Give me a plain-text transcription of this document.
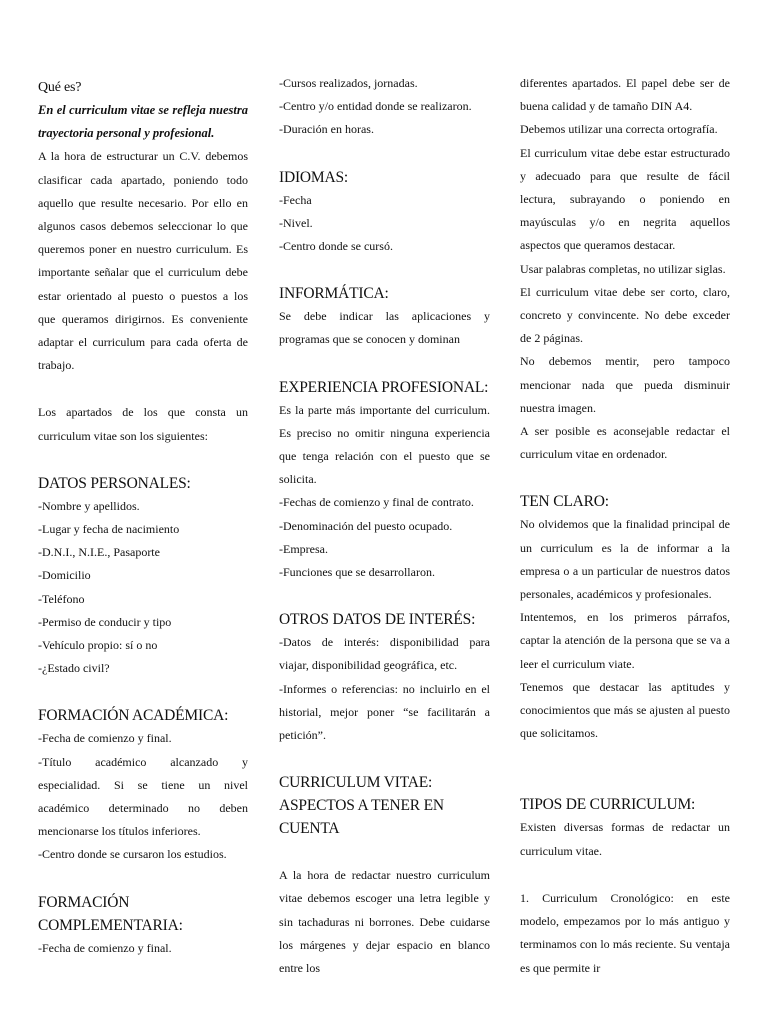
Qué es?
En el curriculum vitae se refleja nuestra trayectoria personal y profesional.

A la hora de estructurar un C.V. debemos clasificar cada apartado, poniendo todo aquello que resulte necesario. Por ello en algunos casos debemos seleccionar lo que queremos poner en nuestro curriculum. Es importante señalar que el curriculum debe estar orientado al puesto o puestos a los que queramos dirigirnos. Es conveniente adaptar el curriculum para cada oferta de trabajo.

Los apartados de los que consta un curriculum vitae son los siguientes:

DATOS PERSONALES:
-Nombre y apellidos.
-Lugar y fecha de nacimiento
-D.N.I., N.I.E., Pasaporte
-Domicilio
-Teléfono
-Permiso de conducir y tipo
-Vehículo propio: sí o no
-¿Estado civil?
FORMACIÓN ACADÉMICA:
-Fecha de comienzo y final.
-Título académico alcanzado y especialidad. Si se tiene un nivel académico determinado no deben mencionarse los títulos inferiores.
-Centro donde se cursaron los estudios.
FORMACIÓN COMPLEMENTARIA:
-Fecha de comienzo y final.
-Cursos realizados, jornadas.
-Centro y/o entidad donde se realizaron.
-Duración en horas.
IDIOMAS:
-Fecha
-Nivel.
-Centro donde se cursó.
INFORMÁTICA:

Se debe indicar las aplicaciones y programas que se conocen y dominan

EXPERIENCIA PROFESIONAL:

Es la parte más importante del curriculum. Es preciso no omitir ninguna experiencia que tenga relación con el puesto que se solicita.

-Fechas de comienzo y final de contrato.
-Denominación del puesto ocupado.
-Empresa.
-Funciones que se desarrollaron.
OTROS DATOS DE INTERÉS:
-Datos de interés: disponibilidad para viajar, disponibilidad geográfica, etc.
-Informes o referencias: no incluirlo en el historial, mejor poner “se facilitarán a petición”.
CURRICULUM VITAE: ASPECTOS A TENER EN CUENTA

A la hora de redactar nuestro curriculum vitae debemos escoger una letra legible y sin tachaduras ni borrones. Debe cuidarse los márgenes y dejar espacio en blanco entre los

diferentes apartados. El papel debe ser de buena calidad y de tamaño DIN A4.

Debemos utilizar una correcta ortografía.
El curriculum vitae debe estar estructurado y adecuado para que resulte de fácil lectura, subrayando o poniendo en mayúsculas y/o en negrita aquellos aspectos que queramos destacar.
Usar palabras completas, no utilizar siglas.
El curriculum vitae debe ser corto, claro, concreto y convincente. No debe exceder de 2 páginas.
No debemos mentir, pero tampoco mencionar nada que pueda disminuir nuestra imagen.
A ser posible es aconsejable redactar el curriculum vitae en ordenador.
TEN CLARO:
No olvidemos que la finalidad principal de un curriculum es la de informar a la empresa o a un particular de nuestros datos personales, académicos y profesionales.
Intentemos, en los primeros párrafos, captar la atención de la persona que se va a leer el curriculum viate.
Tenemos que destacar las aptitudes y conocimientos que más se ajusten al puesto que solicitamos.
TIPOS DE CURRICULUM:

Existen diversas formas de redactar un curriculum vitae.

1. Curriculum Cronológico: en este modelo, empezamos por lo más antiguo y terminamos con lo más reciente. Su ventaja es que permite ir
